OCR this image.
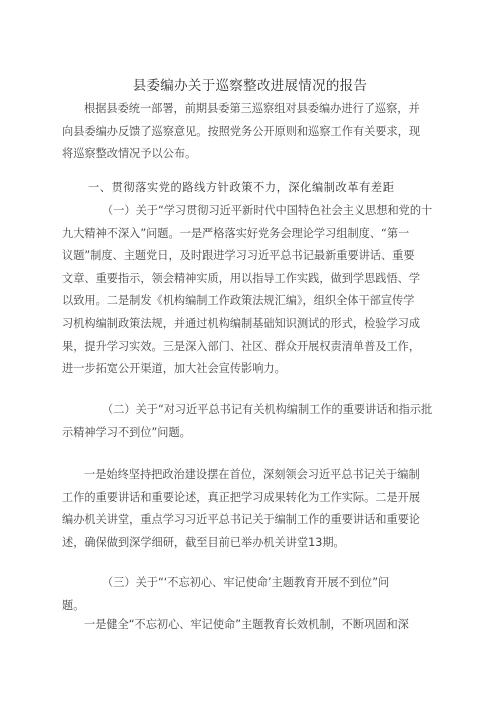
县委编办关于巡察整改进展情况的报告
根据县委统一部署，前期县委第三巡察组对县委编办进行了巡察，并
向县委编办反馈了巡察意见。按照党务公开原则和巡察工作有关要求，现
将巡察整改情况予以公布。
一、贯彻落实党的路线方针政策不力，深化编制改革有差距
（一）关于“学习贯彻习近平新时代中国特色社会主义思想和党的十
九大精神不深入”问题。一是严格落实好党务会理论学习组制度、“第一
议题”制度、主题党日，及时跟进学习习近平总书记最新重要讲话、重要
文章、重要指示，领会精神实质，用以指导工作实践，做到学思践悟、学
以致用。二是制发《机构编制工作政策法规汇编》，组织全体干部宣传学
习机构编制政策法规，并通过机构编制基础知识测试的形式，检验学习成
果，提升学习实效。三是深入部门、社区、群众开展权责清单普及工作，
进一步拓宽公开渠道，加大社会宣传影响力。
（二）关于“对习近平总书记有关机构编制工作的重要讲话和指示批
示精神学习不到位”问题。
一是始终坚持把政治建设摆在首位，深刻领会习近平总书记关于编制
工作的重要讲话和重要论述，真正把学习成果转化为工作实际。二是开展
编办机关讲堂，重点学习习近平总书记关于编制工作的重要讲话和重要论
述，确保做到深学细研，截至目前已举办机关讲堂13期。
（三）关于“‘不忘初心、牢记使命’主题教育开展不到位”问
题。
一是健全“不忘初心、牢记使命”主题教育长效机制，不断巩固和深
